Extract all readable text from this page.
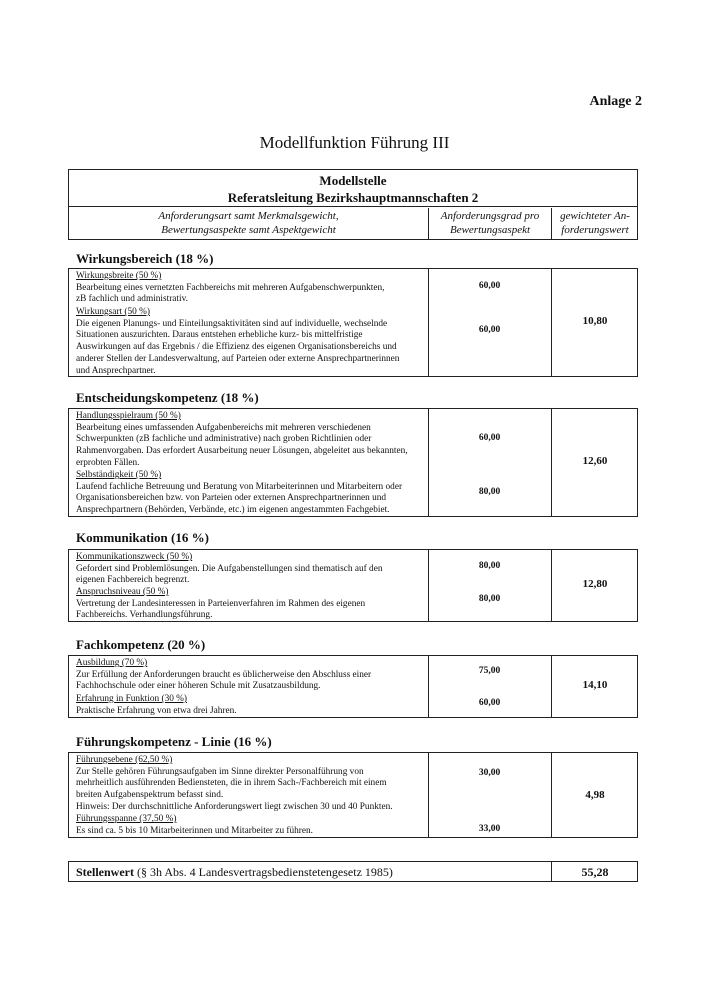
Anlage 2
Modellfunktion Führung III
Modellstelle
Referatsleitung Bezirkshauptmannschaften 2
Anforderungsart samt Merkmalsgewicht,
Bewertungsaspekte samt Aspektgewicht
Anforderungsgrad pro
Bewertungsaspekt
gewichteter An-
forderungswert
Wirkungsbereich (18 %)
Wirkungsbreite (50 %)
Bearbeitung eines vernetzten Fachbereichs mit mehreren Aufgabenschwerpunkten,
zB fachlich und administrativ.
Wirkungsart (50 %)
Die eigenen Planungs- und Einteilungsaktivitäten sind auf individuelle, wechselnde
Situationen auszurichten. Daraus entstehen erhebliche kurz- bis mittelfristige
Auswirkungen auf das Ergebnis / die Effizienz des eigenen Organisationsbereichs und
anderer Stellen der Landesverwaltung, auf Parteien oder externe Ansprechpartnerinnen
und Ansprechpartner.
60,00
60,00
10,80
Entscheidungskompetenz (18 %)
Handlungsspielraum (50 %)
Bearbeitung eines umfassenden Aufgabenbereichs mit mehreren verschiedenen
Schwerpunkten (zB fachliche und administrative) nach groben Richtlinien oder
Rahmenvorgaben. Das erfordert Ausarbeitung neuer Lösungen, abgeleitet aus bekannten,
erprobten Fällen.
Selbständigkeit (50 %)
Laufend fachliche Betreuung und Beratung von Mitarbeiterinnen und Mitarbeitern oder
Organisationsbereichen bzw. von Parteien oder externen Ansprechpartnerinnen und
Ansprechpartnern (Behörden, Verbände, etc.) im eigenen angestammten Fachgebiet.
60,00
80,00
12,60
Kommunikation (16 %)
Kommunikationszweck (50 %)
Gefordert sind Problemlösungen. Die Aufgabenstellungen sind thematisch auf den
eigenen Fachbereich begrenzt.
Anspruchsniveau (50 %)
Vertretung der Landesinteressen in Parteienverfahren im Rahmen des eigenen
Fachbereichs. Verhandlungsführung.
80,00
80,00
12,80
Fachkompetenz (20 %)
Ausbildung (70 %)
Zur Erfüllung der Anforderungen braucht es üblicherweise den Abschluss einer
Fachhochschule oder einer höheren Schule mit Zusatzausbildung.
Erfahrung in Funktion (30 %)
Praktische Erfahrung von etwa drei Jahren.
75,00
60,00
14,10
Führungskompetenz - Linie (16 %)
Führungsebene (62,50 %)
Zur Stelle gehören Führungsaufgaben im Sinne direkter Personalführung von
mehrheitlich ausführenden Bediensteten, die in ihrem Sach-/Fachbereich mit einem
breiten Aufgabenspektrum befasst sind.
Hinweis: Der durchschnittliche Anforderungswert liegt zwischen 30 und 40 Punkten.
Führungsspanne (37,50 %)
Es sind ca. 5 bis 10 Mitarbeiterinnen und Mitarbeiter zu führen.
30,00
33,00
4,98
Stellenwert (§ 3h Abs. 4 Landesvertragsbedienstetengesetz 1985)	55,28
